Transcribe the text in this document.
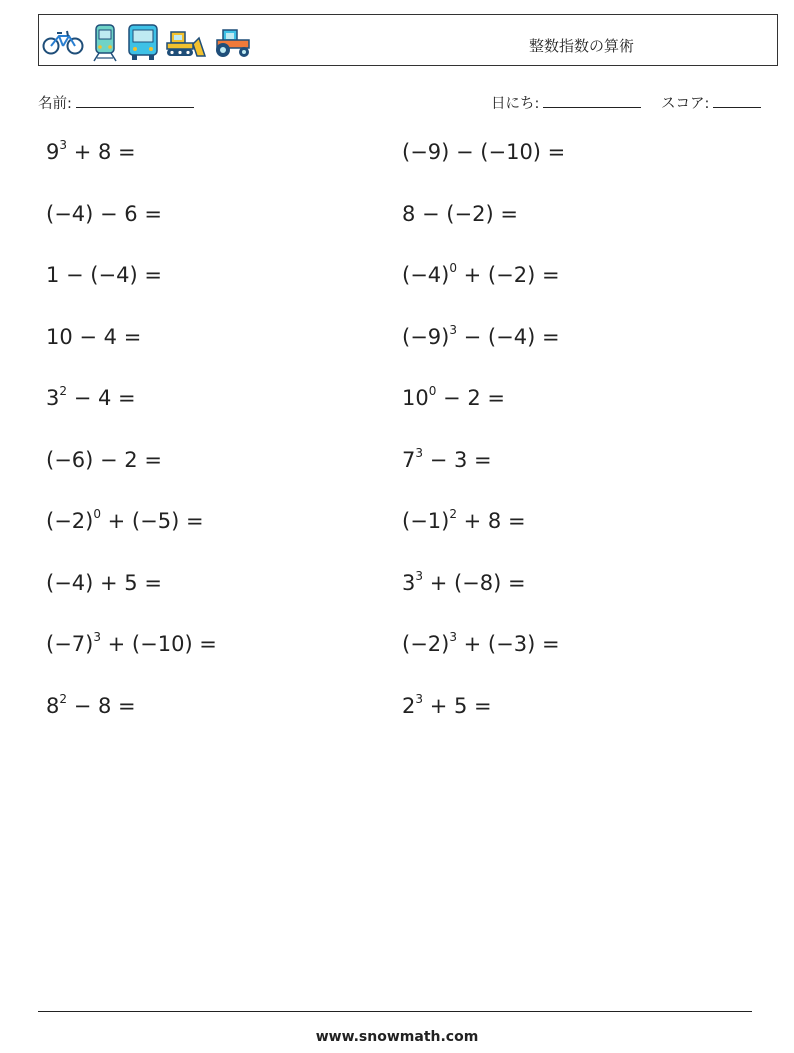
整数指数の算術
名前:	日にち:	スコア:
$9^3 + 8$ =	(−9) − (−10) =
(−4) − 6 =	8 − (−2) =
1 − (−4) =	$(-4)^0 + (-2)$ =
10 − 4 =	$(-9)^3 - (-4)$ =
$3^2 - 4$ =	$10^0 - 2$ =
(−6) − 2 =	$7^3 - 3$ =
$(-2)^0 + (-5)$ =	$(-1)^2 + 8$ =
(−4) + 5 =	$3^3 + (-8)$ =
$(-7)^3 + (-10)$ =	$(-2)^3 + (-3)$ =
$8^2 - 8$ =	$2^3 + 5$ =
www.snowmath.com
